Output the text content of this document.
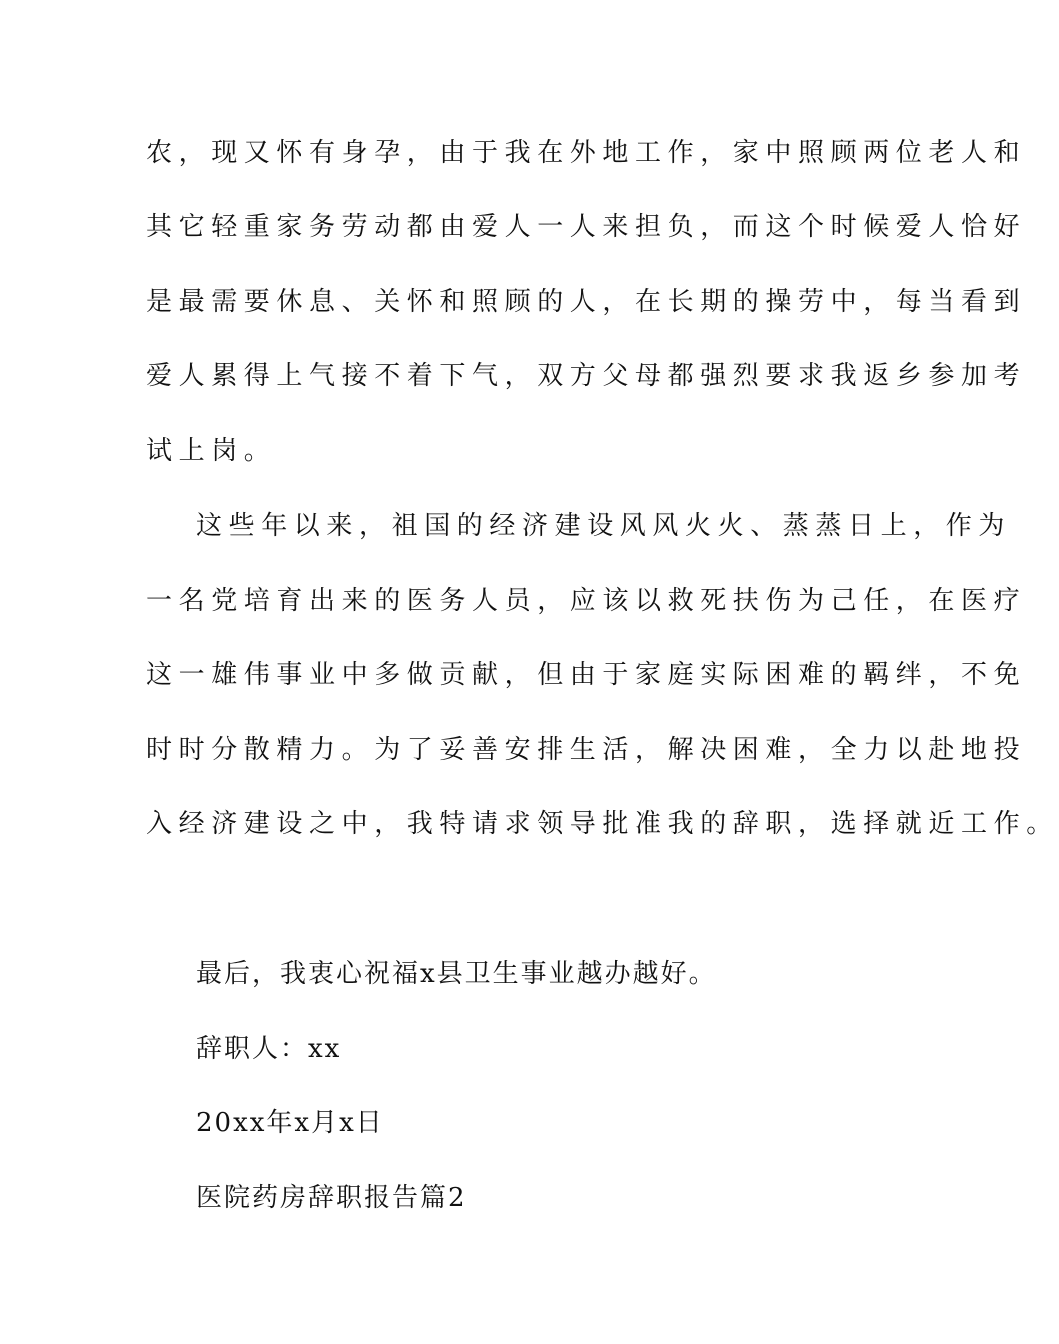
农，现又怀有身孕，由于我在外地工作，家中照顾两位老人和
其它轻重家务劳动都由爱人一人来担负，而这个时候爱人恰好
是最需要休息、关怀和照顾的人，在长期的操劳中，每当看到
爱人累得上气接不着下气，双方父母都强烈要求我返乡参加考
试上岗。
这些年以来，祖国的经济建设风风火火、蒸蒸日上，作为
一名党培育出来的医务人员，应该以救死扶伤为己任，在医疗
这一雄伟事业中多做贡献，但由于家庭实际困难的羁绊，不免
时时分散精力。为了妥善安排生活，解决困难，全力以赴地投
入经济建设之中，我特请求领导批准我的辞职，选择就近工作。
最后，我衷心祝福x县卫生事业越办越好。
辞职人：xx
20xx年x月x日
医院药房辞职报告篇2
